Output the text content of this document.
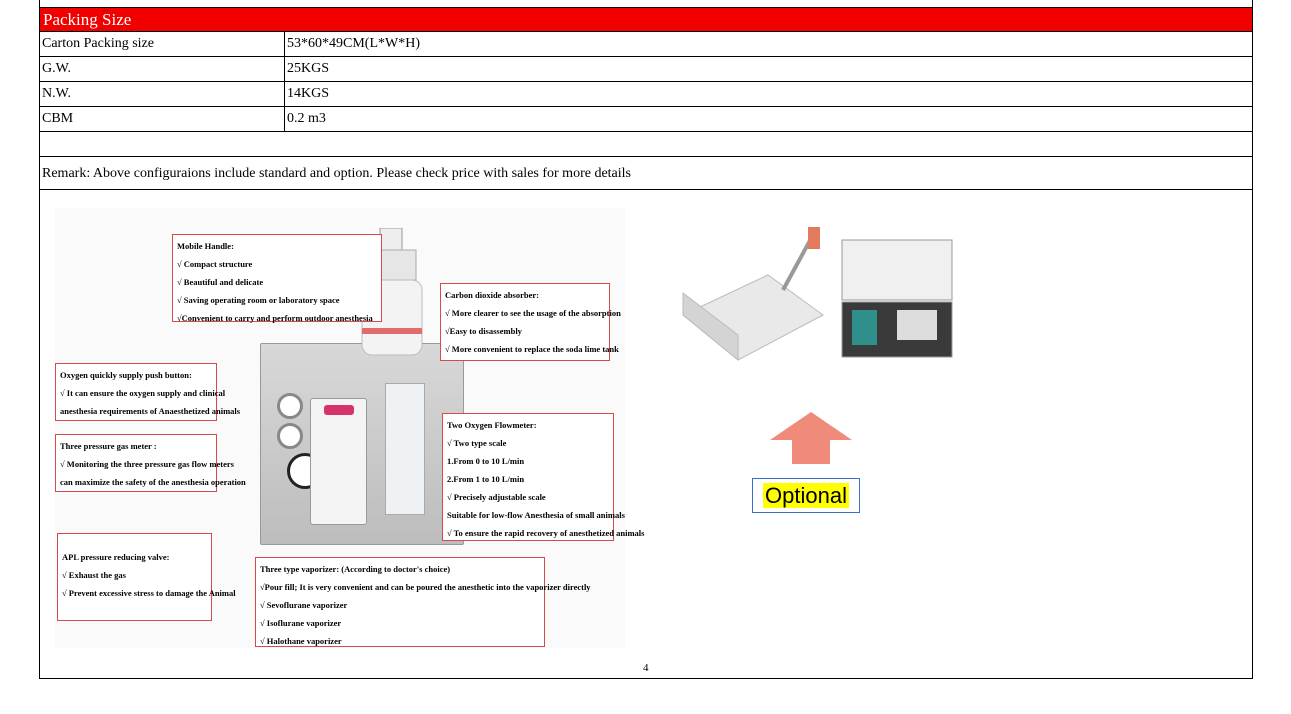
Packing Size
Carton Packing size	53*60*49CM(L*W*H)
G.W.	25KGS
N.W.	14KGS
CBM	0.2 m3
Remark: Above configuraions include standard and option. Please check price with sales for more details
Mobile Handle:
√ Compact structure
√ Beautiful and delicate
√ Saving operating room or laboratory space
√Convenient to carry and perform outdoor anesthesia
Carbon dioxide absorber:
√ More clearer to see the usage of the absorption
√Easy to disassembly
√ More convenient to replace the soda lime tank
Oxygen quickly supply push button:
√ It can ensure the oxygen supply and clinical
anesthesia requirements of Anaesthetized animals
Three pressure gas meter :
√ Monitoring the three pressure gas flow meters
can maximize the safety of the anesthesia operation
Two Oxygen Flowmeter:
√ Two type scale
1.From 0 to 10 L/min
2.From 1 to 10 L/min
√ Precisely adjustable scale
Suitable for low-flow Anesthesia of small animals
√ To ensure the rapid recovery of anesthetized animals
APL pressure reducing valve:
√ Exhaust the gas
√ Prevent excessive stress to damage the Animal
Three type vaporizer: (According to doctor's choice)
√Pour fill; It is very convenient and can be poured the anesthetic into the vaporizer directly
√ Sevoflurane vaporizer
√ Isoflurane vaporizer
√ Halothane vaporizer
Optional
4
